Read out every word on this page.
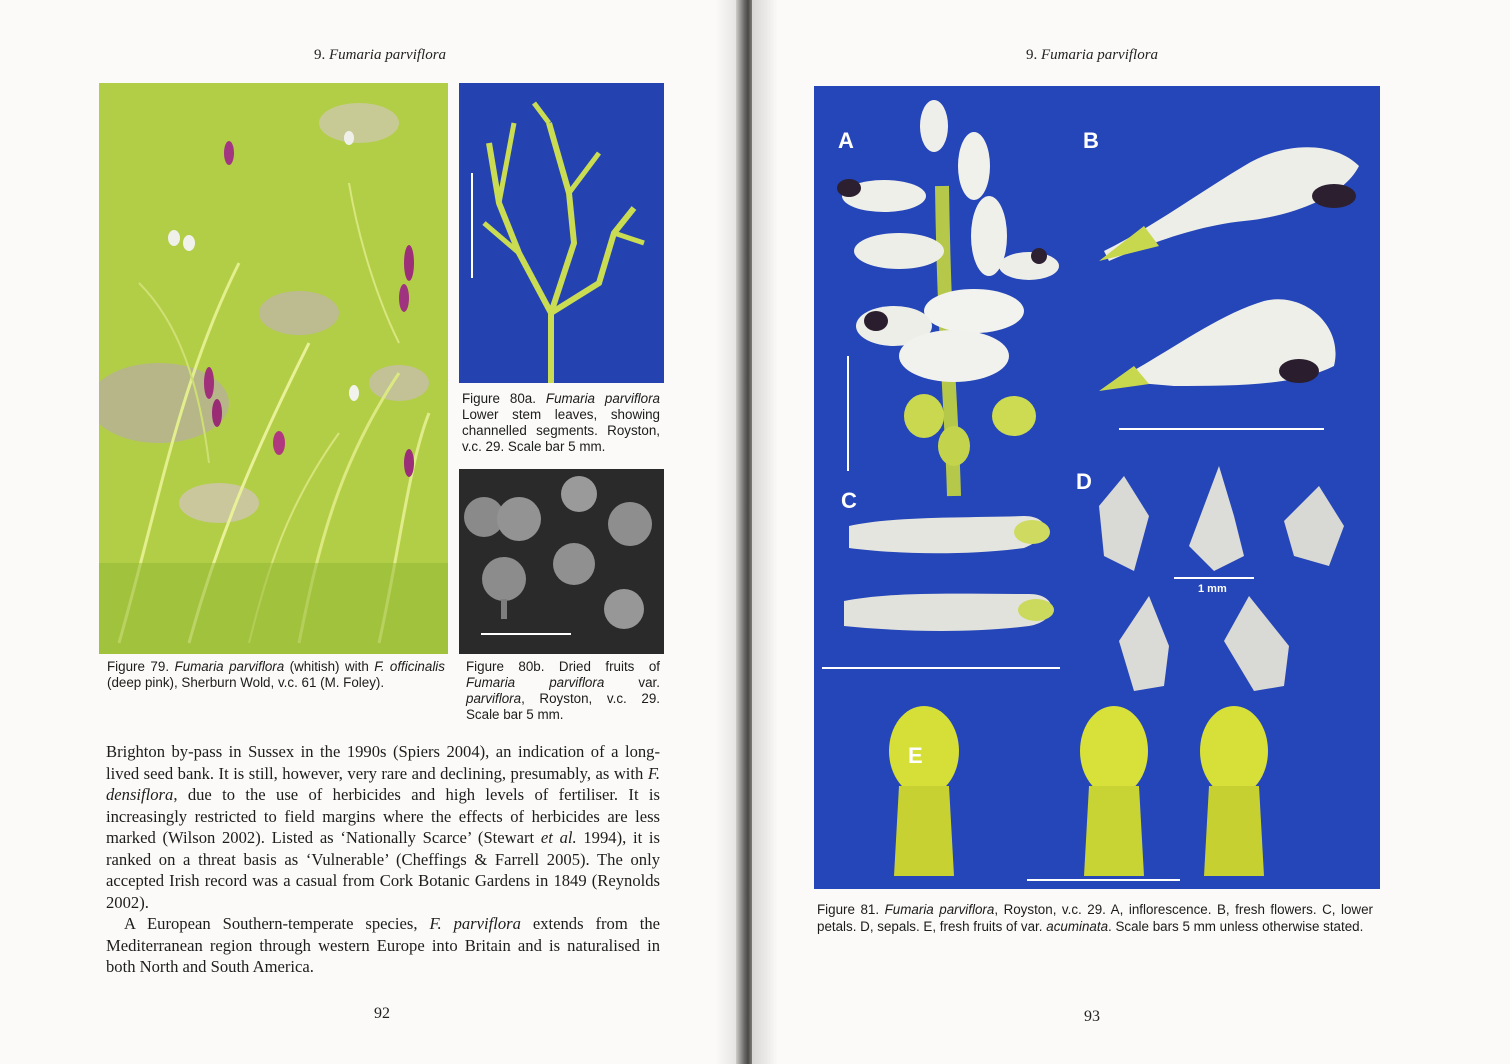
9. Fumaria parviflora
Figure 80a. Fumaria parviflora Lower stem leaves, showing channelled segments. Royston, v.c. 29. Scale bar 5 mm.
Figure 79. Fumaria parviflora (whitish) with F. officinalis (deep pink), Sherburn Wold, v.c. 61 (M. Foley).
Figure 80b. Dried fruits of Fumaria parviflora	var. parviflora, Royston, v.c. 29. Scale bar 5 mm.

Brighton by-pass in Sussex in the 1990s (Spiers 2004), an indication of a long-lived seed bank. It is still, however, very rare and declining, presumably, as with F. densiflora, due to the use of herbicides and high levels of fertiliser. It is increasingly restricted to field margins where the effects of herbicides are less marked (Wilson 2002). Listed as ‘Nationally Scarce’ (Stewart et al. 1994), it is ranked on a threat basis as ‘Vulnerable’ (Cheffings & Farrell 2005). The only accepted Irish record was a casual from Cork Botanic Gardens in 1849 (Reynolds 2002).

A European Southern-temperate species, F. parviflora extends from the Mediterranean region through western Europe into Britain and is naturalised in both North and South America.

92
9. Fumaria parviflora
A	B
C
D
E
1 mm
Figure 81. Fumaria parviflora, Royston, v.c. 29. A, inflorescence. B, fresh flowers. C, lower petals. D, sepals. E, fresh fruits of var. acuminata. Scale bars 5 mm unless otherwise stated.
93
